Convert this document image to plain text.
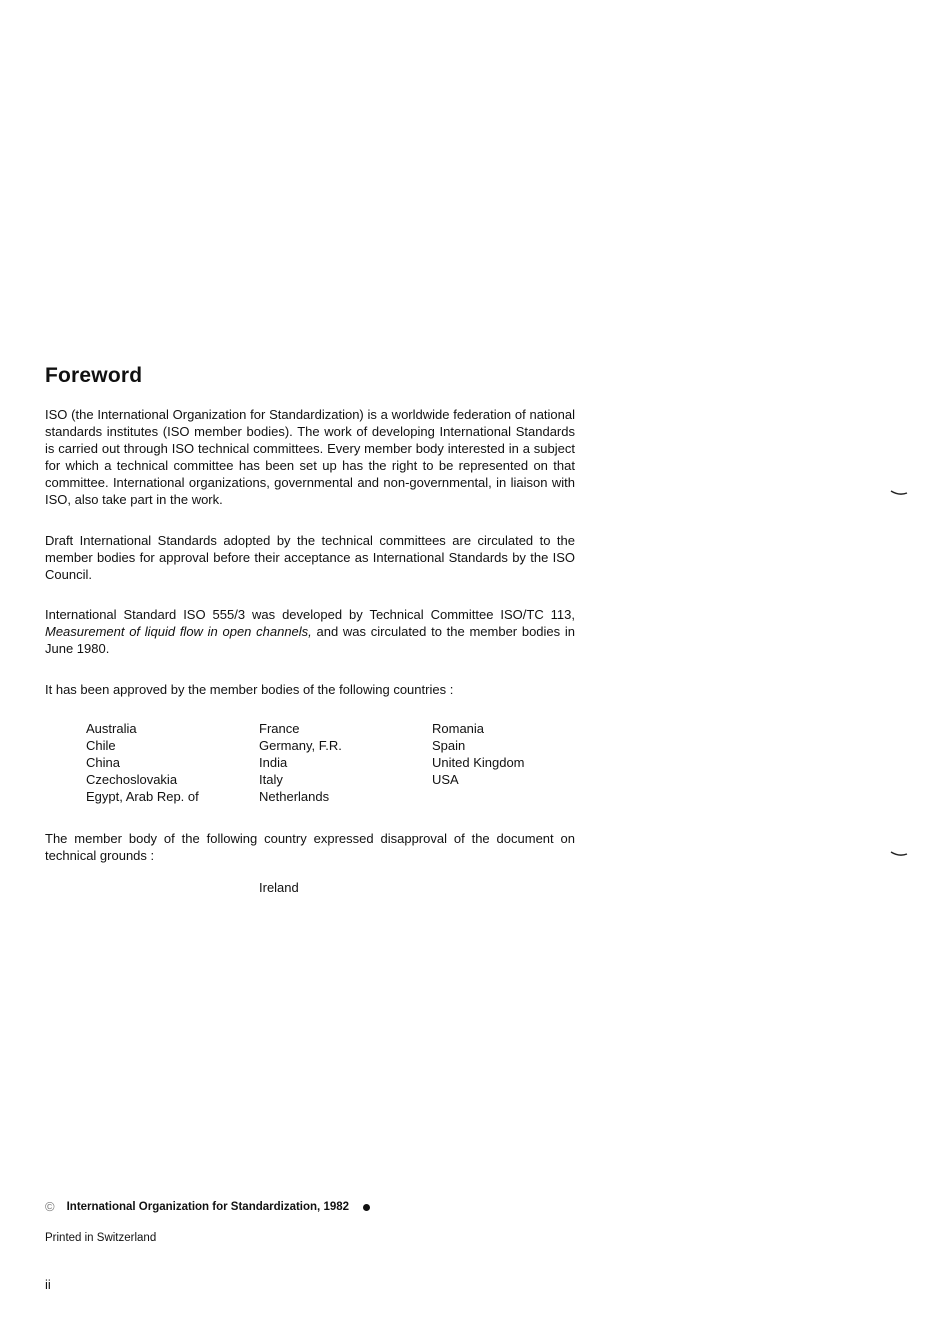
Foreword

ISO (the International Organization for Standardization) is a worldwide federation of national standards institutes (ISO member bodies). The work of developing International Standards is carried out through ISO technical committees. Every member body interested in a subject for which a technical committee has been set up has the right to be represented on that committee. International organizations, governmental and non-governmental, in liaison with ISO, also take part in the work.

Draft International Standards adopted by the technical committees are circulated to the member bodies for approval before their acceptance as International Standards by the ISO Council.

International Standard ISO 555/3 was developed by Technical Committee ISO/TC 113, Measurement of liquid flow in open channels, and was circulated to the member bodies in June 1980.

It has been approved by the member bodies of the following countries :

Australia
Chile
China
Czechoslovakia
Egypt, Arab Rep. of
France
Germany, F.R.
India
Italy
Netherlands
Romania
Spain
United Kingdom
USA

The member body of the following country expressed disapproval of the document on technical grounds :

Ireland
© International Organization for Standardization, 1982
Printed in Switzerland
ii
